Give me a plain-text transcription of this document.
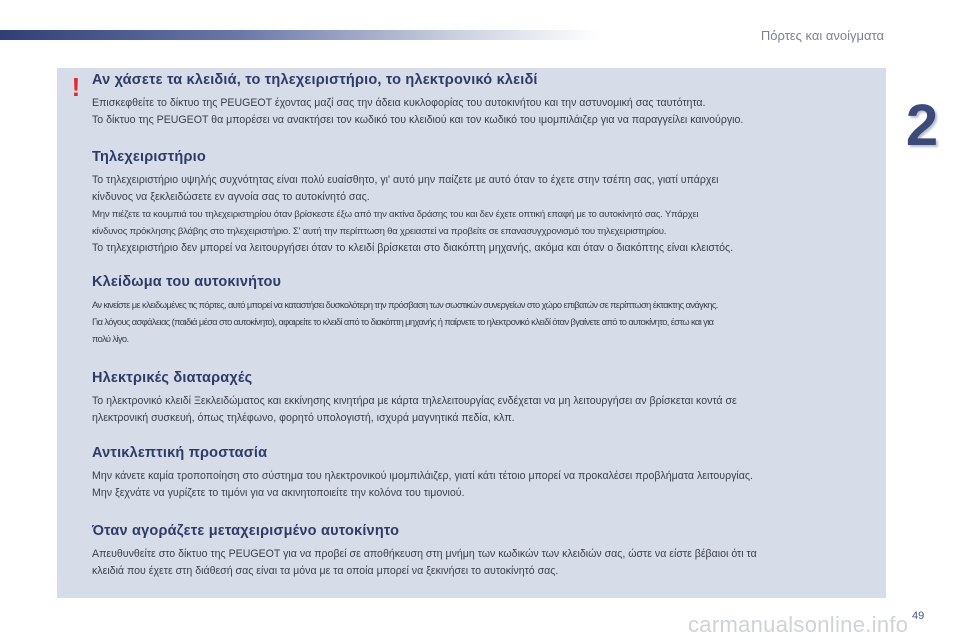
Πόρτες και ανοίγματα
2
! Αν χάσετε τα κλειδιά, το τηλεχειριστήριο, το ηλεκτρονικό κλειδί

Επισκεφθείτε το δίκτυο της PEUGEOT έχοντας μαζί σας την άδεια κυκλοφορίας του αυτοκινήτου και την αστυνομική σας ταυτότητα.

Το δίκτυο της PEUGEOT θα μπορέσει να ανακτήσει τον κωδικό του κλειδιού και τον κωδικό του ιμομπιλάιζερ για να παραγγείλει καινούργιο.

Τηλεχειριστήριο

Το τηλεχειριστήριο υψηλής συχνότητας είναι πολύ ευαίσθητο, γι' αυτό μην παίζετε με αυτό όταν το έχετε στην τσέπη σας, γιατί υπάρχει

κίνδυνος να ξεκλειδώσετε εν αγνοία σας το αυτοκίνητό σας.

Μην πιέζετε τα κουμπιά του τηλεχειριστηρίου όταν βρίσκεστε έξω από την ακτίνα δράσης του και δεν έχετε οπτική επαφή με το αυτοκίνητό σας. Υπάρχει

κίνδυνος πρόκλησης βλάβης στο τηλεχειριστήριο. Σ' αυτή την περίπτωση θα χρειαστεί να προβείτε σε επανασυγχρονισμό του τηλεχειριστηρίου.

Το τηλεχειριστήριο δεν μπορεί να λειτουργήσει όταν το κλειδί βρίσκεται στο διακόπτη μηχανής, ακόμα και όταν ο διακόπτης είναι κλειστός.

Κλείδωμα του αυτοκινήτου

Αν κινείστε με κλειδωμένες τις πόρτες, αυτό μπορεί να καταστήσει δυσκολότερη την πρόσβαση των σωστικών συνεργείων στο χώρο επιβατών σε περίπτωση έκτακτης ανάγκης.

Για λόγους ασφάλειας (παιδιά μέσα στο αυτοκίνητο), αφαιρείτε το κλειδί από το διακόπτη μηχανής ή παίρνετε το ηλεκτρονικό κλειδί όταν βγαίνετε από το αυτοκίνητο, έστω και για

πολύ λίγο.

Ηλεκτρικές διαταραχές

Το ηλεκτρονικό κλειδί Ξεκλειδώματος και εκκίνησης κινητήρα με κάρτα τηλελειτουργίας ενδέχεται να μη λειτουργήσει αν βρίσκεται κοντά σε

ηλεκτρονική συσκευή, όπως τηλέφωνο, φορητό υπολογιστή, ισχυρά μαγνητικά πεδία, κλπ.

Αντικλεπτική προστασία

Μην κάνετε καμία τροποποίηση στο σύστημα του ηλεκτρονικού ιμομπιλάιζερ, γιατί κάτι τέτοιο μπορεί να προκαλέσει προβλήματα λειτουργίας.

Μην ξεχνάτε να γυρίζετε το τιμόνι για να ακινητοποιείτε την κολόνα του τιμονιού.

Όταν αγοράζετε μεταχειρισμένο αυτοκίνητο

Απευθυνθείτε στο δίκτυο της PEUGEOT για να προβεί σε αποθήκευση στη μνήμη των κωδικών των κλειδιών σας, ώστε να είστε βέβαιοι ότι τα

κλειδιά που έχετε στη διάθεσή σας είναι τα μόνα με τα οποία μπορεί να ξεκινήσει το αυτοκίνητό σας.

carmanualsonline.info 49
